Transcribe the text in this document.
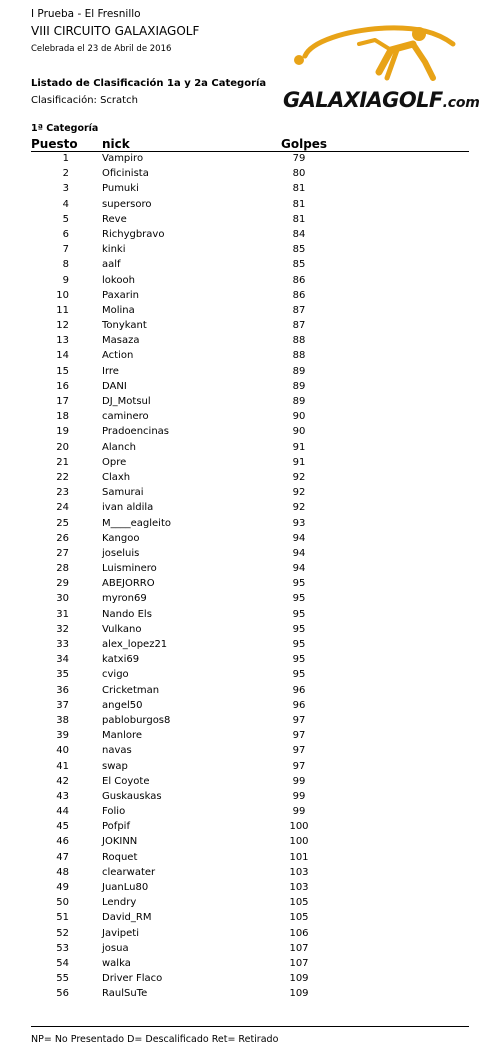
I Prueba - El Fresnillo
VIII CIRCUITO GALAXIAGOLF
Celebrada el 23 de Abril de 2016
Listado de Clasificación 1a y 2a Categoría
Clasificación: Scratch
1ª Categoría
GALAXIAGOLF.com
Puesto nick	Golpes
1	Vampiro	79
2	Oficinista	80
3	Pumuki	81
4	supersoro	81
5	Reve	81
6	Richygbravo	84
7	kinki	85
8	aalf	85
9	lokooh	86
10	Paxarin	86
11	Molina	87
12	Tonykant	87
13	Masaza	88
14	Action	88
15	Irre	89
16	DANI	89
17	DJ_Motsul	89
18	caminero	90
19	Pradoencinas	90
20	Alanch	91
21	Opre	91
22	Claxh	92
23	Samurai	92
24	ivan aldila	92
25	M____eagleito	93
26	Kangoo	94
27	joseluis	94
28	Luisminero	94
29	ABEJORRO	95
30	myron69	95
31	Nando Els	95
32	Vulkano	95
33	alex_lopez21	95
34	katxi69	95
35	cvigo	95
36	Cricketman	96
37	angel50	96
38	pabloburgos8	97
39	Manlore	97
40	navas	97
41	swap	97
42	El Coyote	99
43	Guskauskas	99
44	Folio	99
45	Pofpif	100
46	JOKINN	100
47	Roquet	101
48	clearwater	103
49	JuanLu80	103
50	Lendry	105
51	David_RM	105
52	Javipeti	106
53	josua	107
54	walka	107
55	Driver Flaco	109
56	RaulSuTe	109
NP= No Presentado D= Descalificado Ret= Retirado
